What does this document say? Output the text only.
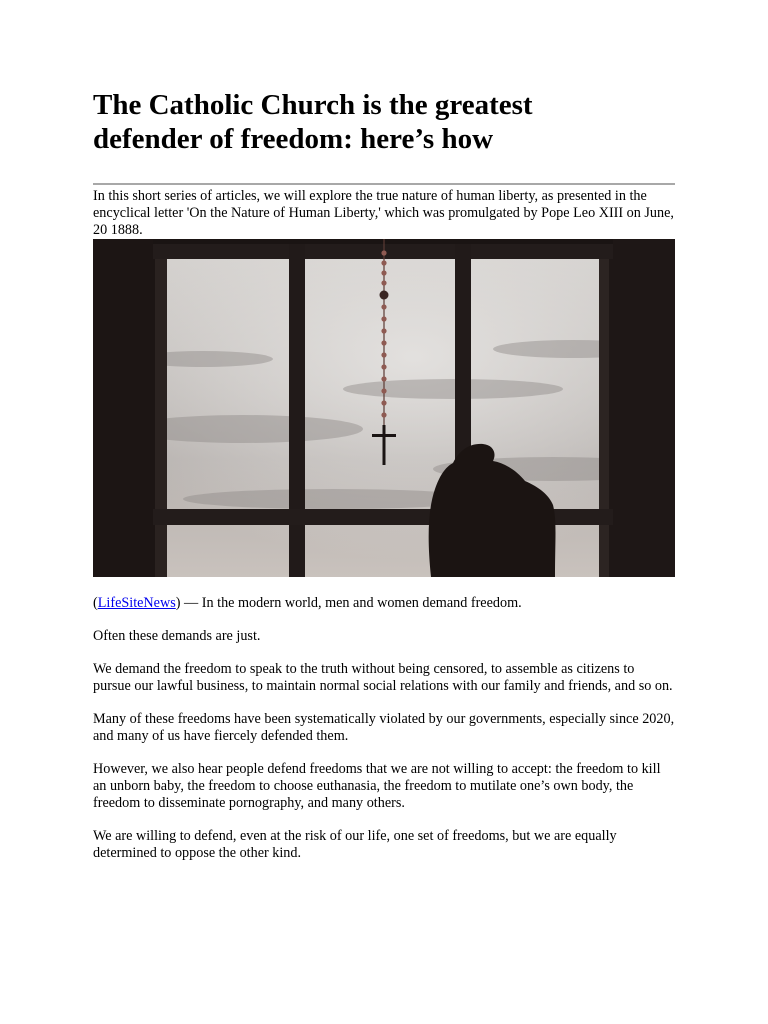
The Catholic Church is the greatest
defender of freedom: here’s how

In this short series of articles, we will explore the true nature of human liberty, as presented in the encyclical letter 'On the Nature of Human Liberty,' which was promulgated by Pope Leo XIII on June, 20 1888.

(LifeSiteNews) — In the modern world, men and women demand freedom.

Often these demands are just.

We demand the freedom to speak to the truth without being censored, to assemble as citizens to pursue our lawful business, to maintain normal social relations with our family and friends, and so on.

Many of these freedoms have been systematically violated by our governments, especially since 2020, and many of us have fiercely defended them.

However, we also hear people defend freedoms that we are not willing to accept: the freedom to kill an unborn baby, the freedom to choose euthanasia, the freedom to mutilate one’s own body, the freedom to disseminate pornography, and many others.

We are willing to defend, even at the risk of our life, one set of freedoms, but we are equally determined to oppose the other kind.
